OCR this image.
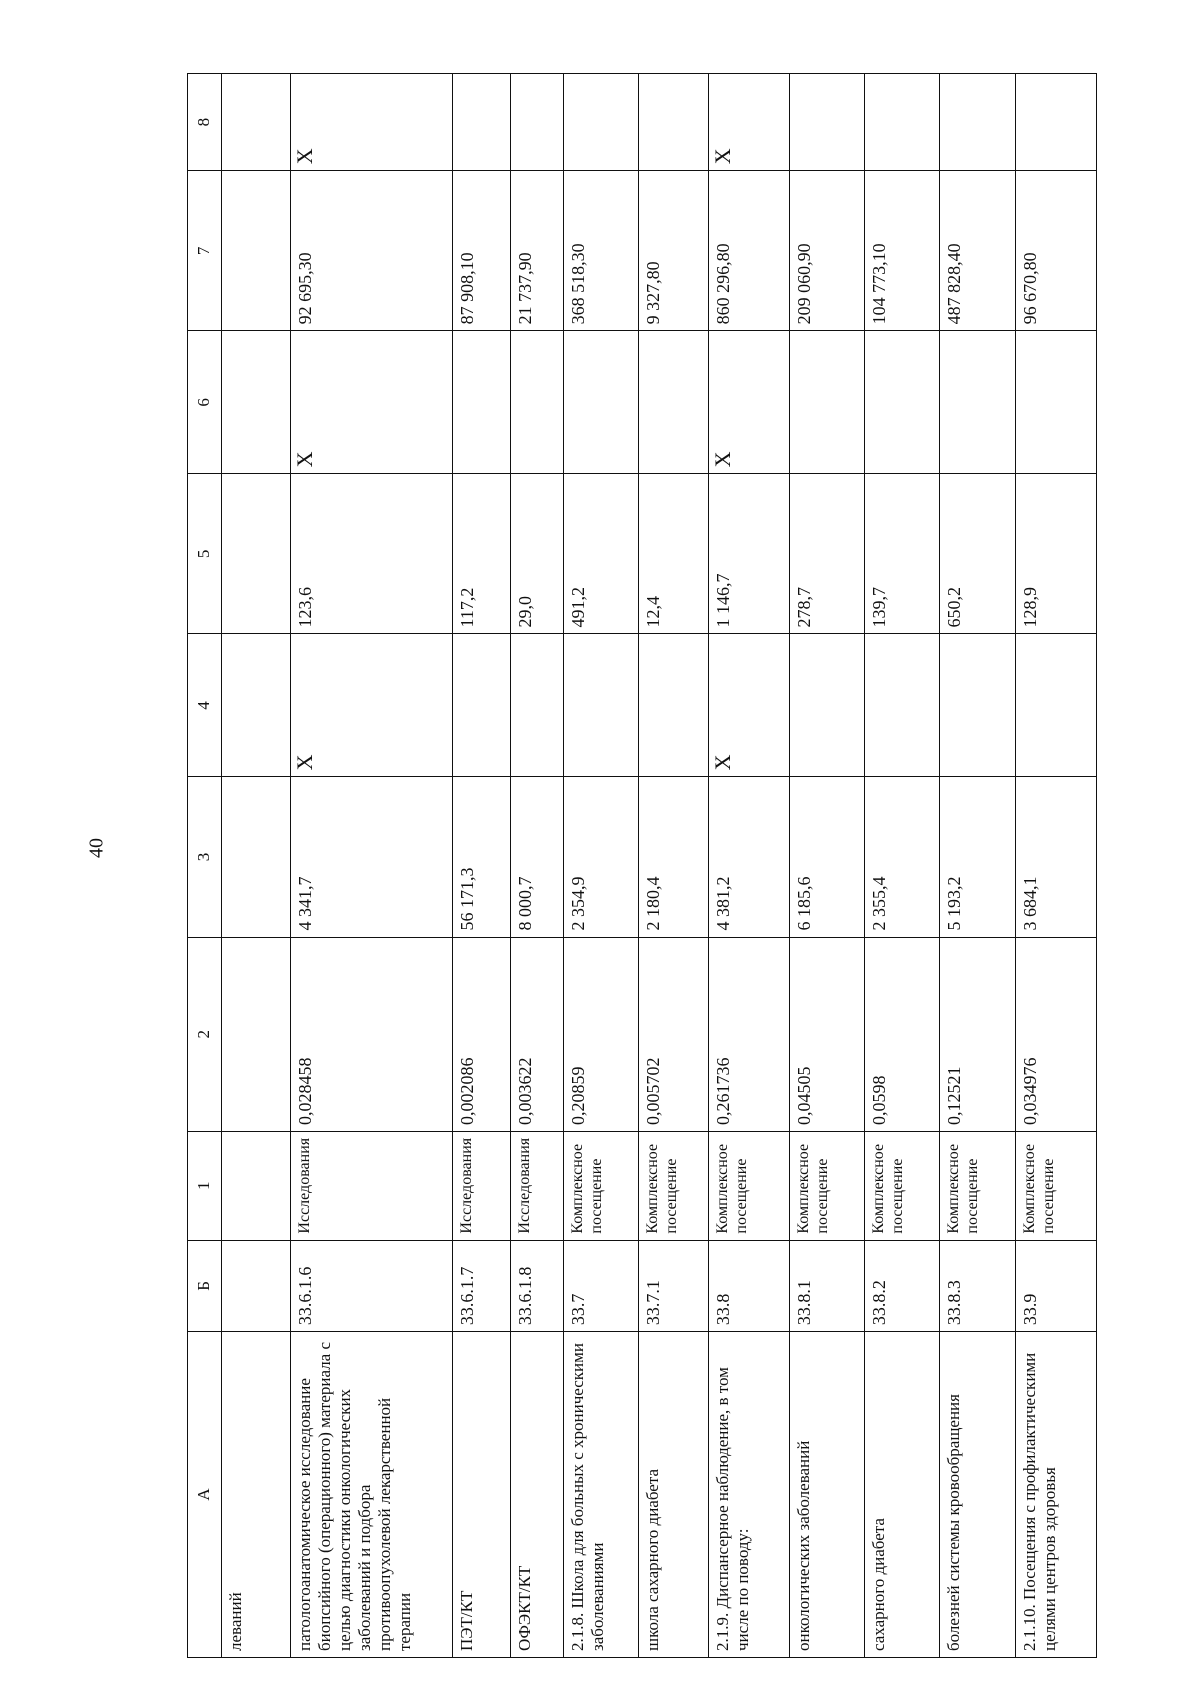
40
А	Б	1	2	3	4	5	6	7	8
леваний									
патологоанатомическое исследование биопсийного (операционного) материала с целью диагностики онкологических заболеваний и подбора противоопухолевой лекарственной терапии	33.6.1.6	Исследования	0,028458	4 341,7	X	123,6	X	92 695,30	X
ПЭТ/КТ	33.6.1.7	Исследования	0,002086	56 171,3		117,2		87 908,10	
ОФЭКТ/КТ	33.6.1.8	Исследования	0,003622	8 000,7		29,0		21 737,90	
2.1.8. Школа для больных с хроническими заболеваниями	33.7	Комплексное посещение	0,20859	2 354,9		491,2		368 518,30	
школа сахарного диабета	33.7.1	Комплексное посещение	0,005702	2 180,4		12,4		9 327,80	
2.1.9. Диспансерное наблюдение, в том числе по поводу:	33.8	Комплексное посещение	0,261736	4 381,2	X	1 146,7	X	860 296,80	X
онкологических заболеваний	33.8.1	Комплексное посещение	0,04505	6 185,6		278,7		209 060,90	
сахарного диабета	33.8.2	Комплексное посещение	0,0598	2 355,4		139,7		104 773,10	
болезней системы кровообращения	33.8.3	Комплексное посещение	0,12521	5 193,2		650,2		487 828,40	
2.1.10. Посещения с профилактическими целями центров здоровья	33.9	Комплексное посещение	0,034976	3 684,1		128,9		96 670,80	
